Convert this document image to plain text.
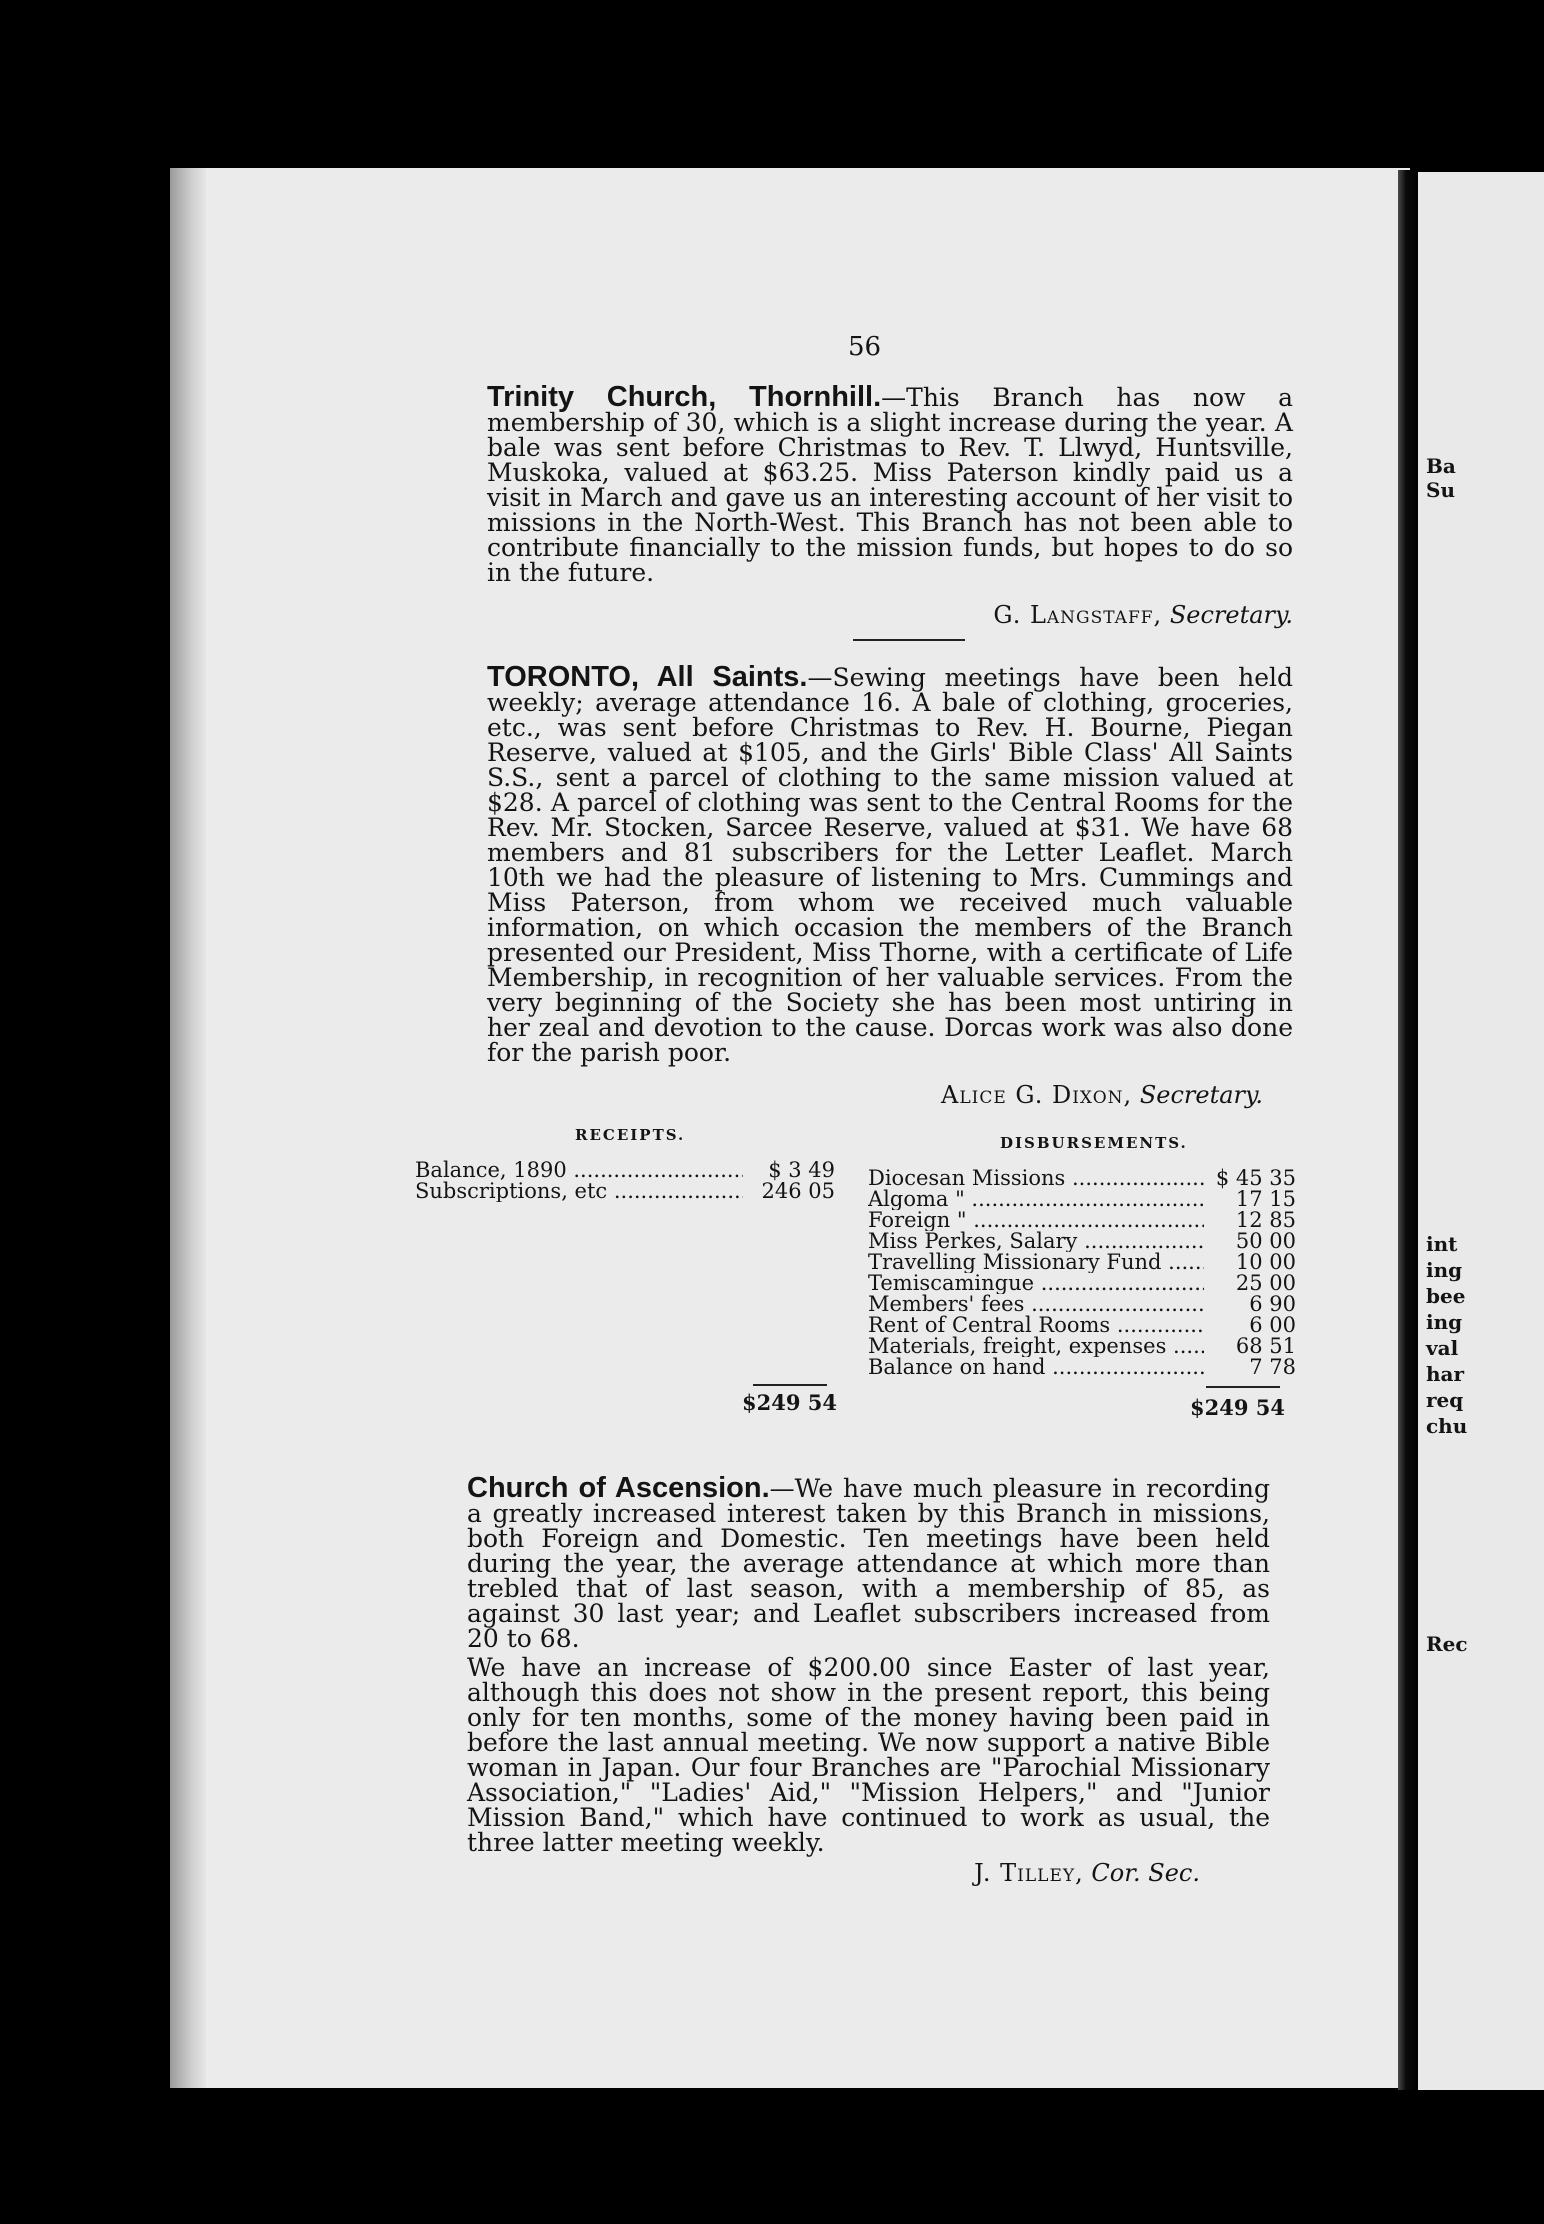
Ba
Su
int
ing
bee
ing
val
har
req
chu
Rec
56

Trinity Church, Thornhill.—This Branch has now a membership of 30, which is a slight increase during the year. A bale was sent before Christmas to Rev. T. Llwyd, Huntsville, Muskoka, valued at $63.25. Miss Paterson kindly paid us a visit in March and gave us an interesting account of her visit to missions in the North-West. This Branch has not been able to contribute financially to the mission funds, but hopes to do so in the future.

G. Langstaff, Secretary.

TORONTO, All Saints.—Sewing meetings have been held weekly; average attendance 16. A bale of clothing, groceries, etc., was sent before Christmas to Rev. H. Bourne, Piegan Reserve, valued at $105, and the Girls' Bible Class' All Saints S.S., sent a parcel of clothing to the same mission valued at $28. A parcel of clothing was sent to the Central Rooms for the Rev. Mr. Stocken, Sarcee Reserve, valued at $31. We have 68 members and 81 subscribers for the Letter Leaflet. March 10th we had the pleasure of listening to Mrs. Cummings and Miss Paterson, from whom we received much valuable information, on which occasion the members of the Branch presented our President, Miss Thorne, with a certificate of Life Membership, in recognition of her valuable services. From the very beginning of the Society she has been most untiring in her zeal and devotion to the cause. Dorcas work was also done for the parish poor.

Alice G. Dixon, Secretary.
RECEIPTS.
Balance, 1890 .....	$ 3 49
Subscriptions, etc .....	246 05
$249 54
DISBURSEMENTS.
Diocesan Missions .....	$ 45 35
Algoma " .....	17 15
Foreign " .....	12 85
Miss Perkes, Salary .....	50 00
Travelling Missionary Fund .....	10 00
Temiscamingue .....	25 00
Members' fees .....	6 90
Rent of Central Rooms .....	6 00
Materials, freight, expenses .....	68 51
Balance on hand .....	7 78
$249 54

Church of Ascension.—We have much pleasure in recording a greatly increased interest taken by this Branch in missions, both Foreign and Domestic. Ten meetings have been held during the year, the average attendance at which more than trebled that of last season, with a membership of 85, as against 30 last year; and Leaflet subscribers increased from 20 to 68.

We have an increase of $200.00 since Easter of last year, although this does not show in the present report, this being only for ten months, some of the money having been paid in before the last annual meeting. We now support a native Bible woman in Japan. Our four Branches are "Parochial Missionary Association," "Ladies' Aid," "Mission Helpers," and "Junior Mission Band," which have continued to work as usual, the three latter meeting weekly.

J. Tilley, Cor. Sec.
